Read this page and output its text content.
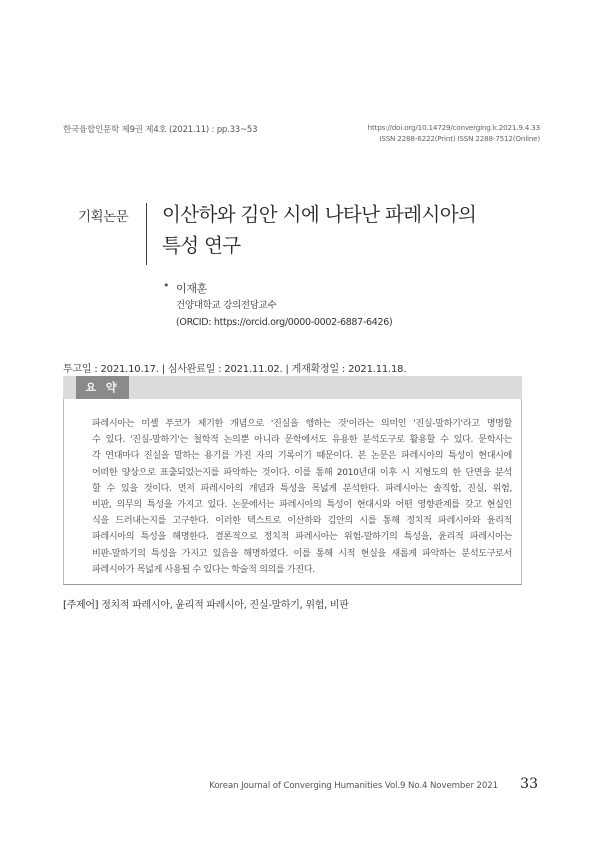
한국융합인문학 제9권 제4호 (2021.11) : pp.33~53	https://doi.org/10.14729/converging.k.2021.9.4.33
ISSN 2288-6222(Print) ISSN 2288-7512(Online)
기획논문 이산하와 김안 시에 나타난 파레시아의
특성 연구
• 이재훈
건양대학교 강의전담교수
(ORCID: https://orcid.org/0000-0002-6887-6426)
투고일 : 2021.10.17. | 심사완료일 : 2021.11.02. | 게재확정일 : 2021.11.18.
요 약
파레시아는 미셸 푸코가 제기한 개념으로 '진실을 행하는 것'이라는 의미인 '진실-말하기'라고 명명할
수 있다. '진실-말하기'는 철학적 논의뿐 아니라 문학에서도 유용한 분석도구로 활용할 수 있다. 문학사는
각 연대마다 진실을 말하는 용기를 가진 자의 기록이기 때문이다. 본 논문은 파레시아의 특성이 현대시에
어떠한 양상으로 표출되었는지를 파악하는 것이다. 이를 통해 2010년대 이후 시 지형도의 한 단면을 분석
할 수 있을 것이다. 먼저 파레시아의 개념과 특성을 목넓게 분석한다. 파레시아는 솔직함, 진실, 위험,
비판, 의무의 특성을 가지고 있다. 논문에서는 파레시아의 특성이 현대시와 어떤 영향관계를 갖고 현실인
식을 드러내는지를 고구한다. 이러한 텍스트로 이산하와 김안의 시를 통해 정치적 파레시아와 윤리적
파레시아의 특성을 해명한다. 결론적으로 정치적 파레시아는 위험-말하기의 특성을, 윤리적 파레시아는
비판-말하기의 특성을 가지고 있음을 해명하였다. 이를 통해 시적 현실을 새롭게 파악하는 분석도구로서
파레시아가 목넓게 사용될 수 있다는 학술적 의의를 가진다.
[주제어] 정치적 파레시아, 윤리적 파레시아, 진실-말하기, 위험, 비판
Korean Journal of Converging Humanities Vol.9 No.4 November 2021 33
